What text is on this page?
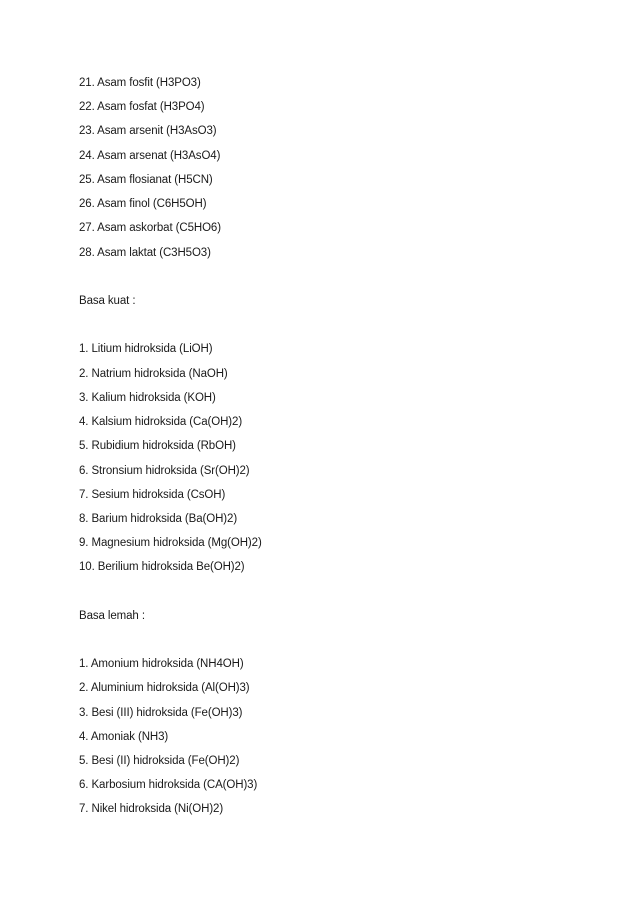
21. Asam fosfit (H3PO3)
22. Asam fosfat (H3PO4)
23. Asam arsenit (H3AsO3)
24. Asam arsenat (H3AsO4)
25. Asam flosianat (H5CN)
26. Asam finol (C6H5OH)
27. Asam askorbat (C5HO6)
28. Asam laktat (C3H5O3)
Basa kuat :
1. Litium hidroksida (LiOH)
2. Natrium hidroksida (NaOH)
3. Kalium hidroksida (KOH)
4. Kalsium hidroksida (Ca(OH)2)
5. Rubidium hidroksida (RbOH)
6. Stronsium hidroksida (Sr(OH)2)
7. Sesium hidroksida (CsOH)
8. Barium hidroksida (Ba(OH)2)
9. Magnesium hidroksida (Mg(OH)2)
10. Berilium hidroksida Be(OH)2)
Basa lemah :
1. Amonium hidroksida (NH4OH)
2. Aluminium hidroksida (Al(OH)3)
3. Besi (III) hidroksida (Fe(OH)3)
4. Amoniak (NH3)
5. Besi (II) hidroksida (Fe(OH)2)
6. Karbosium hidroksida (CA(OH)3)
7. Nikel hidroksida (Ni(OH)2)
